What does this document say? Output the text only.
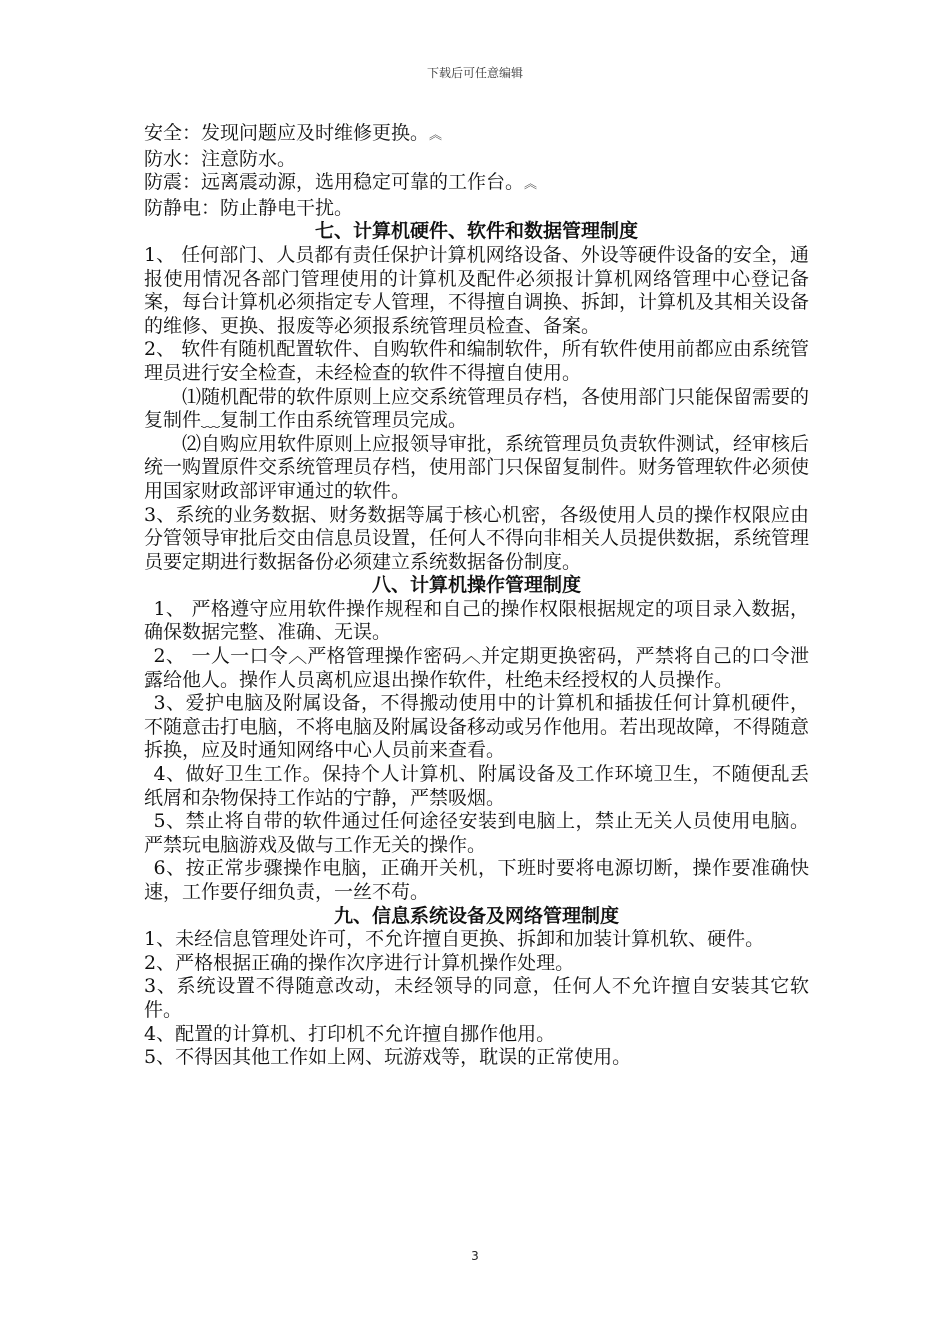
下载后可任意编辑

安全：发现问题应及时维修更换。︽

防水：注意防水。

防震：远离震动源，选用稳定可靠的工作台。︽

防静电：防止静电干扰。

七、计算机硬件、软件和数据管理制度

1、 任何部门、人员都有责任保护计算机网络设备、外设等硬件设备的安全，通报使用情况各部门管理使用的计算机及配件必须报计算机网络管理中心登记备案，每台计算机必须指定专人管理，不得擅自调换、拆卸，计算机及其相关设备的维修、更换、报废等必须报系统管理员检查、备案。

2、 软件有随机配置软件、自购软件和编制软件，所有软件使用前都应由系统管理员进行安全检查，未经检查的软件不得擅自使用。

⑴随机配带的软件原则上应交系统管理员存档，各使用部门只能保留需要的复制件﹏复制工作由系统管理员完成。

⑵自购应用软件原则上应报领导审批，系统管理员负责软件测试，经审核后统一购置原件交系统管理员存档，使用部门只保留复制件。财务管理软件必须使用国家财政部评审通过的软件。

3、系统的业务数据、财务数据等属于核心机密，各级使用人员的操作权限应由分管领导审批后交由信息员设置，任何人不得向非相关人员提供数据，系统管理员要定期进行数据备份必须建立系统数据备份制度。

八、计算机操作管理制度

1、 严格遵守应用软件操作规程和自己的操作权限根据规定的项目录入数据，确保数据完整、准确、无误。

2、 一人一口令︿严格管理操作密码︿并定期更换密码，严禁将自己的口令泄露给他人。操作人员离机应退出操作软件，杜绝未经授权的人员操作。

3、爱护电脑及附属设备，不得搬动使用中的计算机和插拔任何计算机硬件，不随意击打电脑，不将电脑及附属设备移动或另作他用。若出现故障，不得随意拆换，应及时通知网络中心人员前来查看。

4、做好卫生工作。保持个人计算机、附属设备及工作环境卫生，不随便乱丢纸屑和杂物保持工作站的宁静，严禁吸烟。

5、禁止将自带的软件通过任何途径安装到电脑上，禁止无关人员使用电脑。严禁玩电脑游戏及做与工作无关的操作。

6、按正常步骤操作电脑，正确开关机，下班时要将电源切断，操作要准确快速，工作要仔细负责，一丝不苟。

九、信息系统设备及网络管理制度

1、未经信息管理处许可，不允许擅自更换、拆卸和加装计算机软、硬件。

2、严格根据正确的操作次序进行计算机操作处理。

3、系统设置不得随意改动，未经领导的同意，任何人不允许擅自安装其它软件。

4、配置的计算机、打印机不允许擅自挪作他用。

5、不得因其他工作如上网、玩游戏等，耽误的正常使用。

3
